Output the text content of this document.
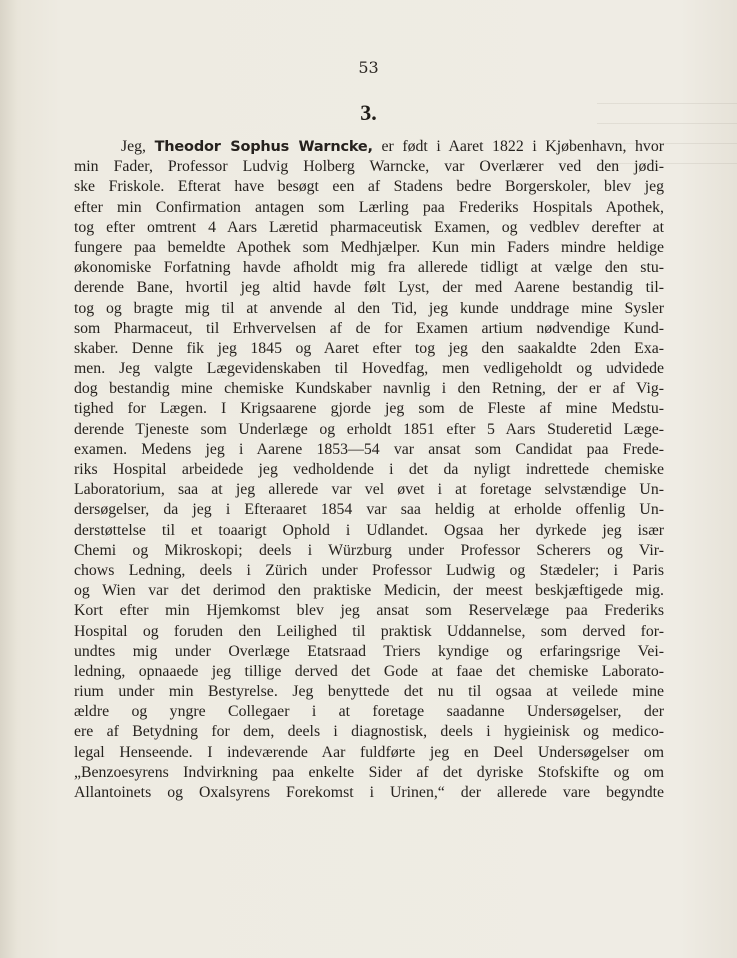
53
3.
Jeg, Theodor Sophus Warncke, er født i Aaret 1822 i Kjøbenhavn, hvor
min Fader, Professor Ludvig Holberg Warncke, var Overlærer ved den jødi-
ske Friskole. Efterat have besøgt een af Stadens bedre Borgerskoler, blev jeg
efter min Confirmation antagen som Lærling paa Frederiks Hospitals Apothek,
tog efter omtrent 4 Aars Læretid pharmaceutisk Examen, og vedblev derefter at
fungere paa bemeldte Apothek som Medhjælper. Kun min Faders mindre heldige
økonomiske Forfatning havde afholdt mig fra allerede tidligt at vælge den stu-
derende Bane, hvortil jeg altid havde følt Lyst, der med Aarene bestandig til-
tog og bragte mig til at anvende al den Tid, jeg kunde unddrage mine Sysler
som Pharmaceut, til Erhvervelsen af de for Examen artium nødvendige Kund-
skaber. Denne fik jeg 1845 og Aaret efter tog jeg den saakaldte 2den Exa-
men. Jeg valgte Lægevidenskaben til Hovedfag, men vedligeholdt og udvidede
dog bestandig mine chemiske Kundskaber navnlig i den Retning, der er af Vig-
tighed for Lægen. I Krigsaarene gjorde jeg som de Fleste af mine Medstu-
derende Tjeneste som Underlæge og erholdt 1851 efter 5 Aars Studeretid Læge-
examen. Medens jeg i Aarene 1853—54 var ansat som Candidat paa Frede-
riks Hospital arbeidede jeg vedholdende i det da nyligt indrettede chemiske
Laboratorium, saa at jeg allerede var vel øvet i at foretage selvstændige Un-
dersøgelser, da jeg i Efteraaret 1854 var saa heldig at erholde offenlig Un-
derstøttelse til et toaarigt Ophold i Udlandet. Ogsaa her dyrkede jeg især
Chemi og Mikroskopi; deels i Würzburg under Professor Scherers og Vir-
chows Ledning, deels i Zürich under Professor Ludwig og Stædeler; i Paris
og Wien var det derimod den praktiske Medicin, der meest beskjæftigede mig.
Kort efter min Hjemkomst blev jeg ansat som Reservelæge paa Frederiks
Hospital og foruden den Leilighed til praktisk Uddannelse, som derved for-
undtes mig under Overlæge Etatsraad Triers kyndige og erfaringsrige Vei-
ledning, opnaaede jeg tillige derved det Gode at faae det chemiske Laborato-
rium under min Bestyrelse. Jeg benyttede det nu til ogsaa at veilede mine
ældre og yngre Collegaer i at foretage saadanne Undersøgelser, der
ere af Betydning for dem, deels i diagnostisk, deels i hygieinisk og medico-
legal Henseende. I indeværende Aar fuldførte jeg en Deel Undersøgelser om
„Benzoesyrens Indvirkning paa enkelte Sider af det dyriske Stofskifte og om
Allantoinets og Oxalsyrens Forekomst i Urinen,“ der allerede vare begyndte
